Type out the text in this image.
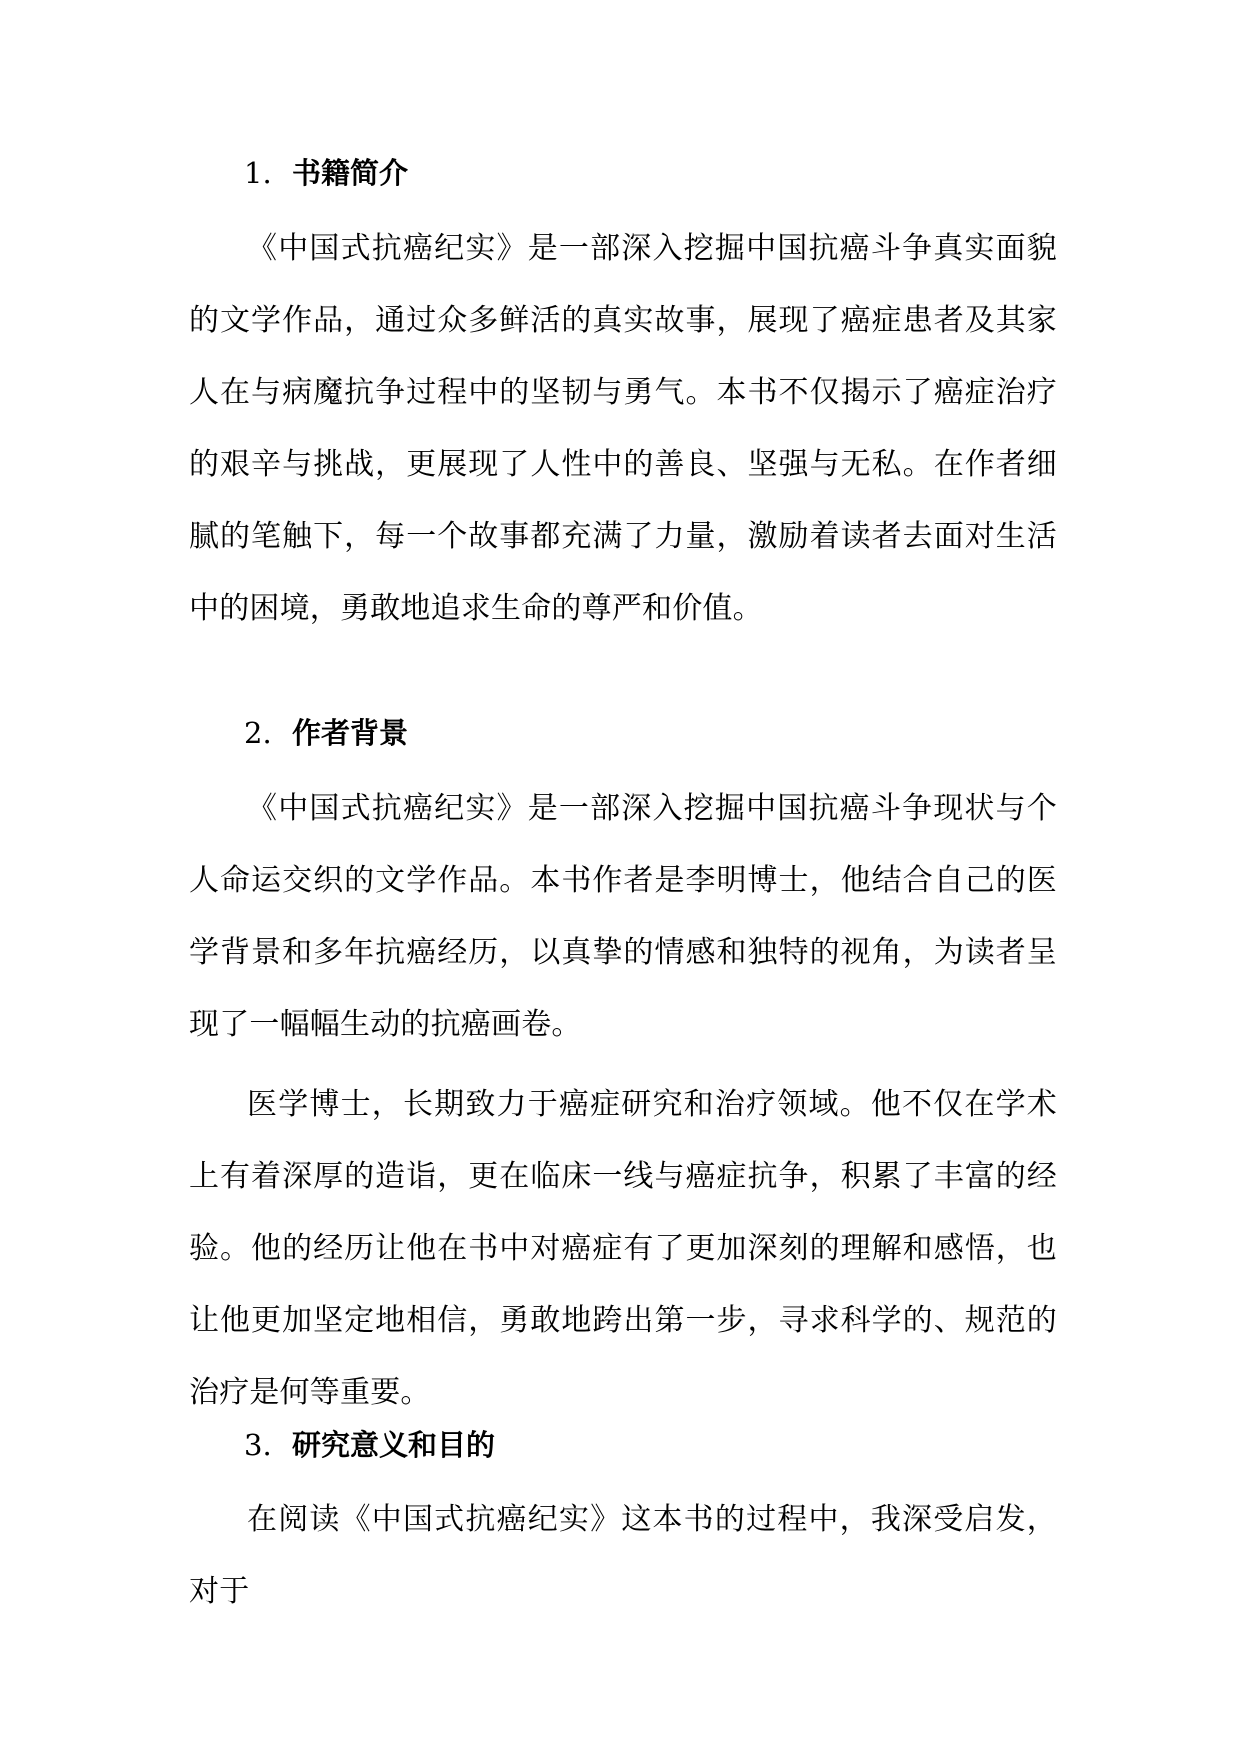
1. 书籍简介

《中国式抗癌纪实》是一部深入挖掘中国抗癌斗争真实面貌的文学作品，通过众多鲜活的真实故事，展现了癌症患者及其家人在与病魔抗争过程中的坚韧与勇气。本书不仅揭示了癌症治疗的艰辛与挑战，更展现了人性中的善良、坚强与无私。在作者细腻的笔触下，每一个故事都充满了力量，激励着读者去面对生活中的困境，勇敢地追求生命的尊严和价值。

2. 作者背景

《中国式抗癌纪实》是一部深入挖掘中国抗癌斗争现状与个人命运交织的文学作品。本书作者是李明博士，他结合自己的医学背景和多年抗癌经历，以真挚的情感和独特的视角，为读者呈现了一幅幅生动的抗癌画卷。

医学博士，长期致力于癌症研究和治疗领域。他不仅在学术上有着深厚的造诣，更在临床一线与癌症抗争，积累了丰富的经验。他的经历让他在书中对癌症有了更加深刻的理解和感悟，也让他更加坚定地相信，勇敢地跨出第一步，寻求科学的、规范的治疗是何等重要。

3. 研究意义和目的

在阅读《中国式抗癌纪实》这本书的过程中，我深受启发，对于
